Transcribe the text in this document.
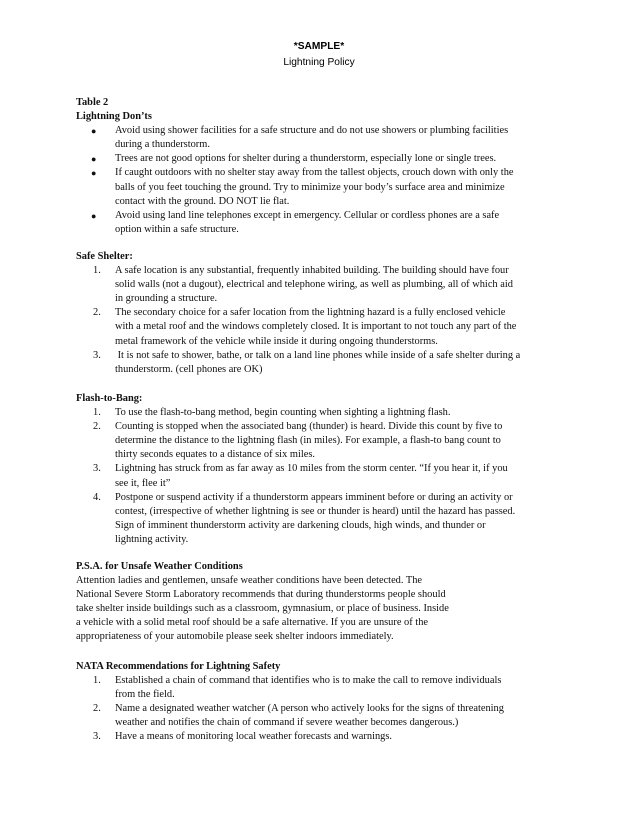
*SAMPLE*
Lightning Policy
Table 2
Lightning Don’ts
●	Avoid using shower facilities for a safe structure and do not use showers or plumbing facilities
during a thunderstorm.
●	Trees are not good options for shelter during a thunderstorm, especially lone or single trees.
●	If caught outdoors with no shelter stay away from the tallest objects, crouch down with only the
balls of you feet touching the ground. Try to minimize your body’s surface area and minimize
contact with the ground. DO NOT lie flat.
●	Avoid using land line telephones except in emergency. Cellular or cordless phones are a safe
option within a safe structure.
Safe Shelter:
1.	A safe location is any substantial, frequently inhabited building. The building should have four
solid walls (not a dugout), electrical and telephone wiring, as well as plumbing, all of which aid
in grounding a structure.
2.	The secondary choice for a safer location from the lightning hazard is a fully enclosed vehicle
with a metal roof and the windows completely closed. It is important to not touch any part of the
metal framework of the vehicle while inside it during ongoing thunderstorms.
3.	It is not safe to shower, bathe, or talk on a land line phones while inside of a safe shelter during a
thunderstorm. (cell phones are OK)
Flash-to-Bang:
1.	To use the flash-to-bang method, begin counting when sighting a lightning flash.
2.	Counting is stopped when the associated bang (thunder) is heard. Divide this count by five to
determine the distance to the lightning flash (in miles). For example, a flash-to bang count to
thirty seconds equates to a distance of six miles.
3.	Lightning has struck from as far away as 10 miles from the storm center. “If you hear it, if you
see it, flee it”
4.	Postpone or suspend activity if a thunderstorm appears imminent before or during an activity or
contest, (irrespective of whether lightning is see or thunder is heard) until the hazard has passed.
Sign of imminent thunderstorm activity are darkening clouds, high winds, and thunder or
lightning activity.
P.S.A. for Unsafe Weather Conditions
Attention ladies and gentlemen, unsafe weather conditions have been detected. The
National Severe Storm Laboratory recommends that during thunderstorms people should
take shelter inside buildings such as a classroom, gymnasium, or place of business. Inside
a vehicle with a solid metal roof should be a safe alternative. If you are unsure of the
appropriateness of your automobile please seek shelter indoors immediately.
NATA Recommendations for Lightning Safety
1.	Established a chain of command that identifies who is to make the call to remove individuals
from the field.
2.	Name a designated weather watcher (A person who actively looks for the signs of threatening
weather and notifies the chain of command if severe weather becomes dangerous.)
3.	Have a means of monitoring local weather forecasts and warnings.
